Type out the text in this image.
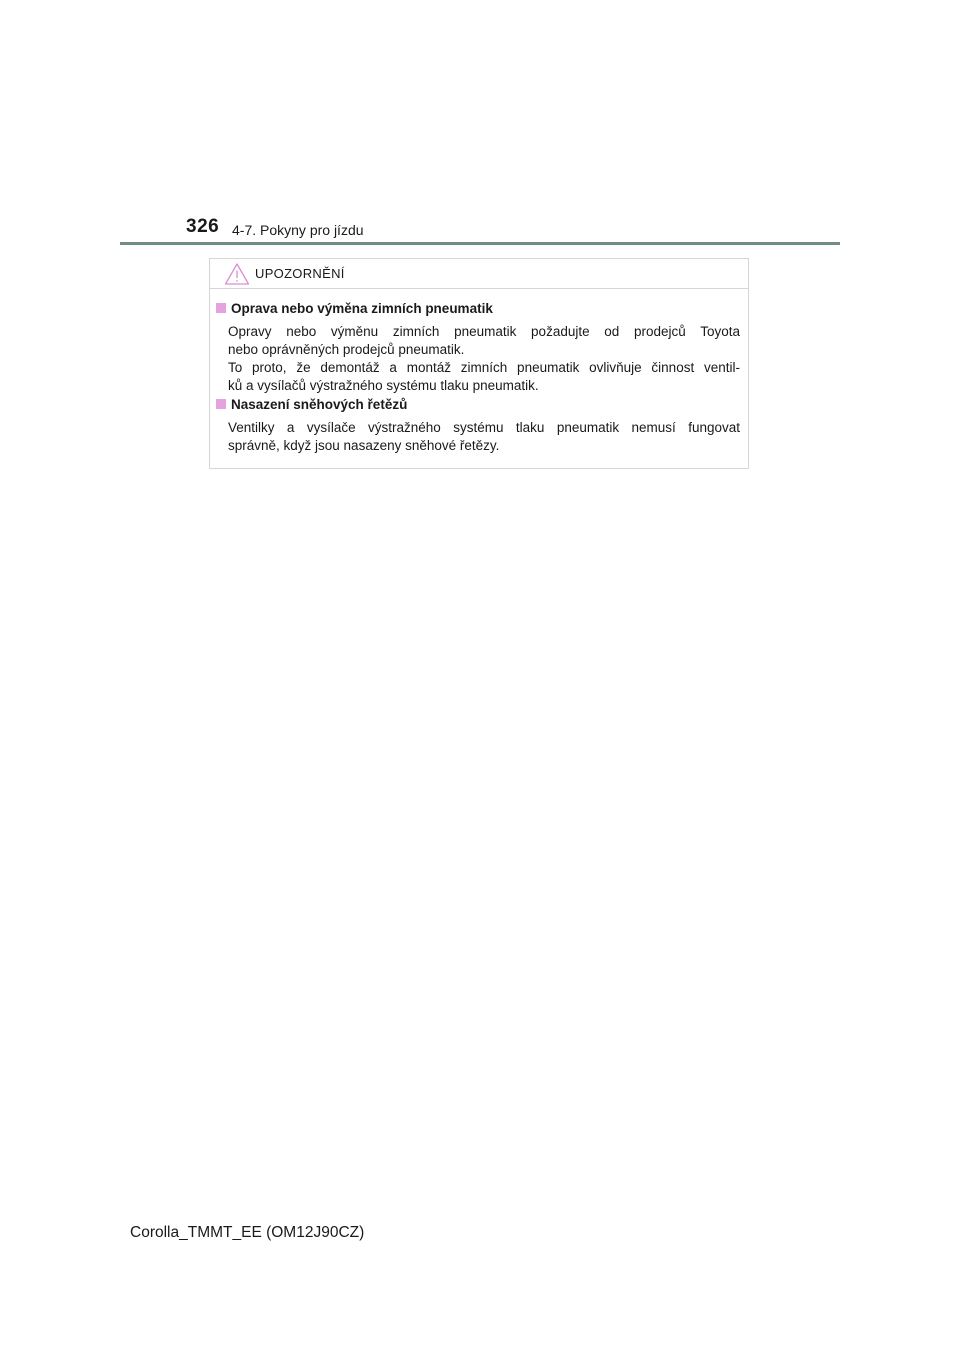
326 4-7. Pokyny pro jízdu
UPOZORNĚNÍ
Oprava nebo výměna zimních pneumatik

Opravy nebo výměnu zimních pneumatik požadujte od prodejců Toyota

nebo oprávněných prodejců pneumatik.

To proto, že demontáž a montáž zimních pneumatik ovlivňuje činnost ventil-

ků a vysílačů výstražného systému tlaku pneumatik.

Nasazení sněhových řetězů

Ventilky a vysílače výstražného systému tlaku pneumatik nemusí fungovat

správně, když jsou nasazeny sněhové řetězy.

Corolla_TMMT_EE (OM12J90CZ)
